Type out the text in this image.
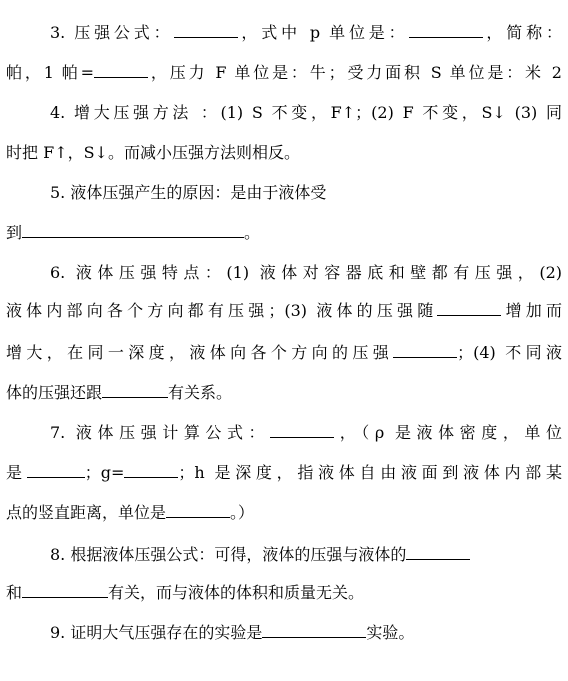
3. 压强公式：	，式中 p 单位是：	，简称：
帕，1 帕=	，压力 F 单位是：牛；受力面积 S 单位是：米 2
4. 增大压强方法 ：(1) S 不变，F↑；(2) F 不变，S↓ (3) 同
时把 F↑，S↓。而减小压强方法则相反。
5. 液体压强产生的原因：是由于液体受
到	。
6. 液体压强特点：(1) 液体对容器底和壁都有压强，(2)
液体内部向各个方向都有压强；(3) 液体的压强随	增加而
增大，在同一深度，液体向各个方向的压强	；(4) 不同液
体的压强还跟	有关系。
7. 液体压强计算公式：	，（ρ 是液体密度，单位
是	；g=	；h 是深度，指液体自由液面到液体内部某
点的竖直距离，单位是	。）
8. 根据液体压强公式：可得，液体的压强与液体的
和	有关，而与液体的体积和质量无关。
9. 证明大气压强存在的实验是	实验。
